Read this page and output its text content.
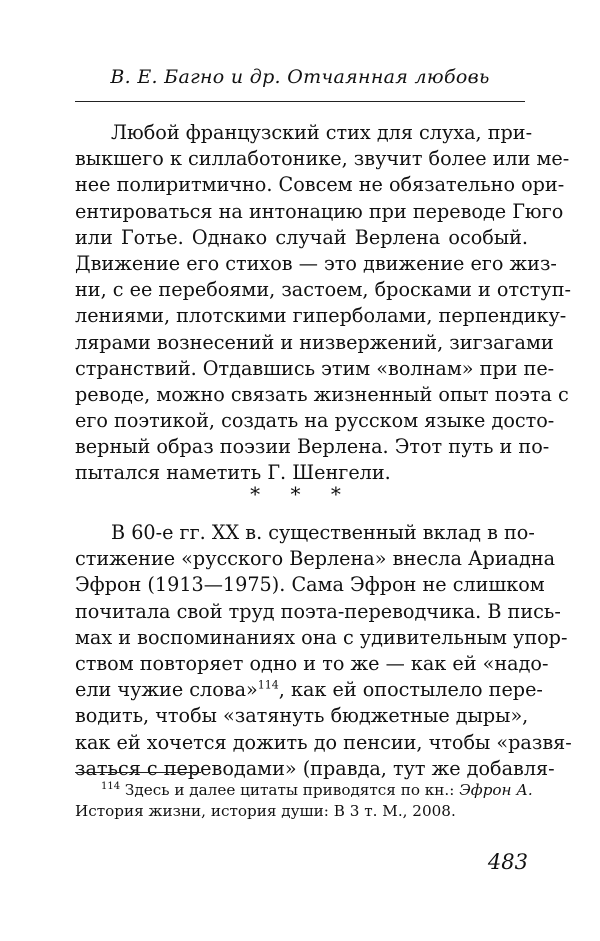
В. Е. Багно и др. Отчаянная любовь
Любой французский стих для слуха, при-
выкшего к силлаботонике, звучит более или ме-
нее полиритмично. Совсем не обязательно ори-
ентироваться на интонацию при переводе Гюго
или Готье. Однако случай Верлена особый.
Движение его стихов — это движение его жиз-
ни, с ее перебоями, застоем, бросками и отступ-
лениями, плотскими гиперболами, перпендику-
лярами вознесений и низвержений, зигзагами
странствий. Отдавшись этим «волнам» при пе-
реводе, можно связать жизненный опыт поэта с
его поэтикой, создать на русском языке досто-
верный образ поэзии Верлена. Этот путь и по-
пытался наметить Г. Шенгели.
* * *
В 60-е гг. XX в. существенный вклад в по-
стижение «русского Верлена» внесла Ариадна
Эфрон (1913—1975). Сама Эфрон не слишком
почитала свой труд поэта-переводчика. В пись-
мах и воспоминаниях она с удивительным упор-
ством повторяет одно и то же — как ей «надо-
ели чужие слова»$^{114}$, как ей опостылело пере-
водить, чтобы «затянуть бюджетные дыры»,
как ей хочется дожить до пенсии, чтобы «развя-
заться с переводами» (правда, тут же добавля-
$^{114}$ Здесь и далее цитаты приводятся по кн.: Эфрон А.
История жизни, история души: В 3 т. М., 2008.
483
